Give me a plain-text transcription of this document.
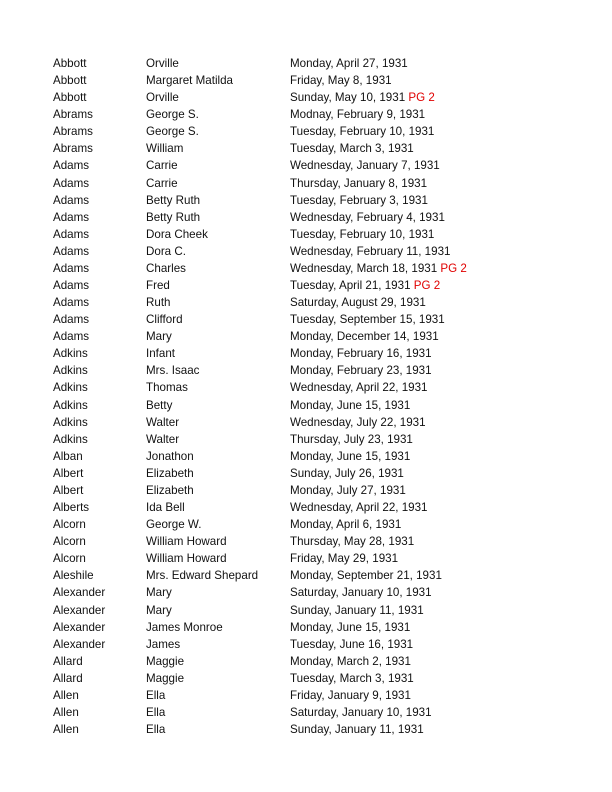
Abbott	Orville	Monday, April 27, 1931
Abbott	Margaret Matilda	Friday, May 8, 1931
Abbott	Orville	Sunday, May 10, 1931 PG 2
Abrams	George S.	Modnay, February 9, 1931
Abrams	George S.	Tuesday, February 10, 1931
Abrams	William	Tuesday, March 3, 1931
Adams	Carrie	Wednesday, January 7, 1931
Adams	Carrie	Thursday, January 8, 1931
Adams	Betty Ruth	Tuesday, February 3, 1931
Adams	Betty Ruth	Wednesday, February 4, 1931
Adams	Dora Cheek	Tuesday, February 10, 1931
Adams	Dora C.	Wednesday, February 11, 1931
Adams	Charles	Wednesday, March 18, 1931 PG 2
Adams	Fred	Tuesday, April 21, 1931 PG 2
Adams	Ruth	Saturday, August 29, 1931
Adams	Clifford	Tuesday, September 15, 1931
Adams	Mary	Monday, December 14, 1931
Adkins	Infant	Monday, February 16, 1931
Adkins	Mrs. Isaac	Monday, February 23, 1931
Adkins	Thomas	Wednesday, April 22, 1931
Adkins	Betty	Monday, June 15, 1931
Adkins	Walter	Wednesday, July 22, 1931
Adkins	Walter	Thursday, July 23, 1931
Alban	Jonathon	Monday, June 15, 1931
Albert	Elizabeth	Sunday, July 26, 1931
Albert	Elizabeth	Monday, July 27, 1931
Alberts	Ida Bell	Wednesday, April 22, 1931
Alcorn	George W.	Monday, April 6, 1931
Alcorn	William Howard	Thursday, May 28, 1931
Alcorn	William Howard	Friday, May 29, 1931
Aleshile	Mrs. Edward Shepard	Monday, September 21, 1931
Alexander	Mary	Saturday, January 10, 1931
Alexander	Mary	Sunday, January 11, 1931
Alexander	James Monroe	Monday, June 15, 1931
Alexander	James	Tuesday, June 16, 1931
Allard	Maggie	Monday, March 2, 1931
Allard	Maggie	Tuesday, March 3, 1931
Allen	Ella	Friday, January 9, 1931
Allen	Ella	Saturday, January 10, 1931
Allen	Ella	Sunday, January 11, 1931
